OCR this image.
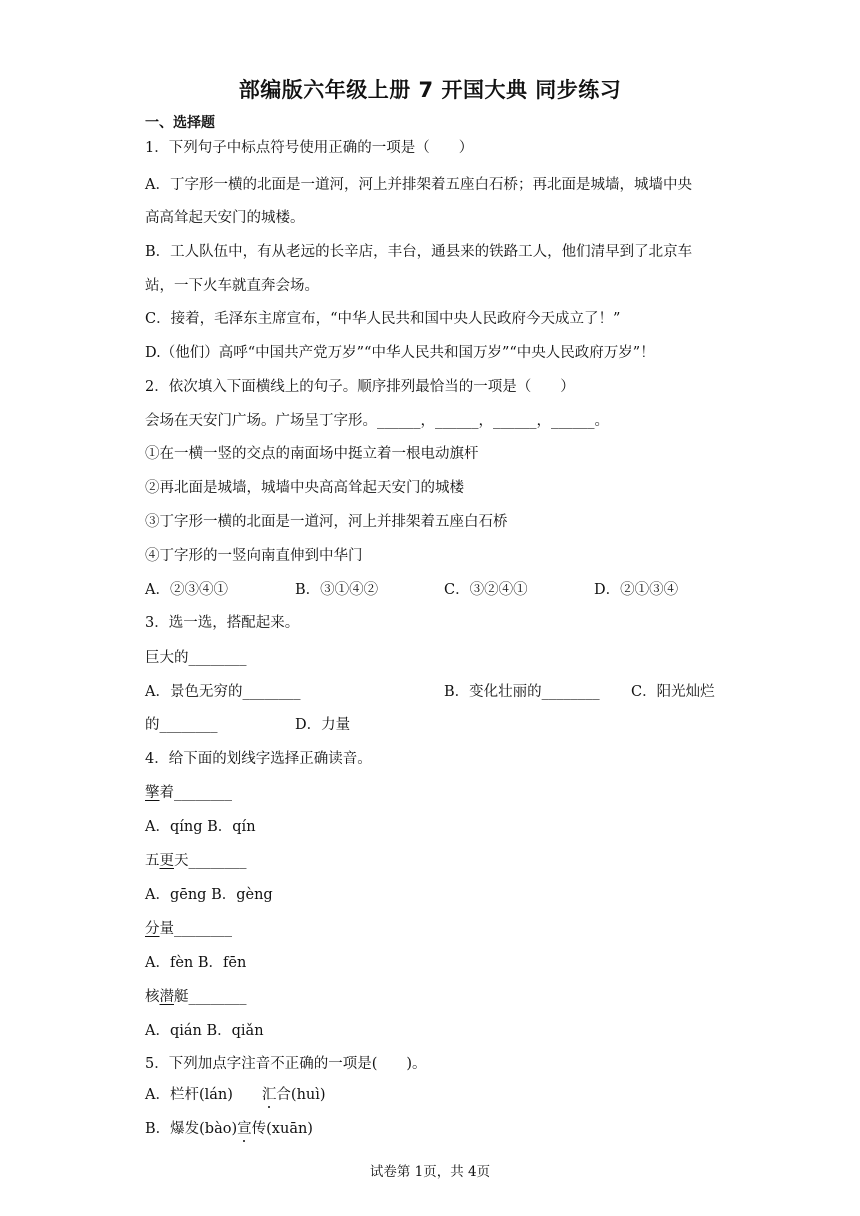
部编版六年级上册 7 开国大典 同步练习
一、选择题
1．下列句子中标点符号使用正确的一项是（　　）
A．丁字形一横的北面是一道河，河上并排架着五座白石桥；再北面是城墙，城墙中央
高高耸起天安门的城楼。
B．工人队伍中，有从老远的长辛店，丰台，通县来的铁路工人，他们清早到了北京车
站，一下火车就直奔会场。
C．接着，毛泽东主席宣布，“中华人民共和国中央人民政府今天成立了！”
D.（他们）高呼“中国共产党万岁”“中华人民共和国万岁”“中央人民政府万岁”！
2．依次填入下面横线上的句子。顺序排列最恰当的一项是（　　）
会场在天安门广场。广场呈丁字形。______，______，______，______。
①在一横一竖的交点的南面场中挺立着一根电动旗杆
②再北面是城墙，城墙中央高高耸起天安门的城楼
③丁字形一横的北面是一道河，河上并排架着五座白石桥
④丁字形的一竖向南直伸到中华门
A．②③④①	B．③①④②	C．③②④①	D．②①③④
3．选一选，搭配起来。
巨大的________
A．景色无穷的________	B．变化壮丽的________ C．阳光灿烂
的________	D．力量
4．给下面的划线字选择正确读音。
擎着________
A．qíng B．qín
五更天________
A．gēng B．gèng
分量________
A．fèn B．fēn
核潜艇________
A．qián B．qiǎn
5．下列加点字注音不正确的一项是(　　)。
A．栏杆(lán)　　汇合(huì)
B．爆发(bào)宣传(xuān)
试卷第 1页，共 4页
